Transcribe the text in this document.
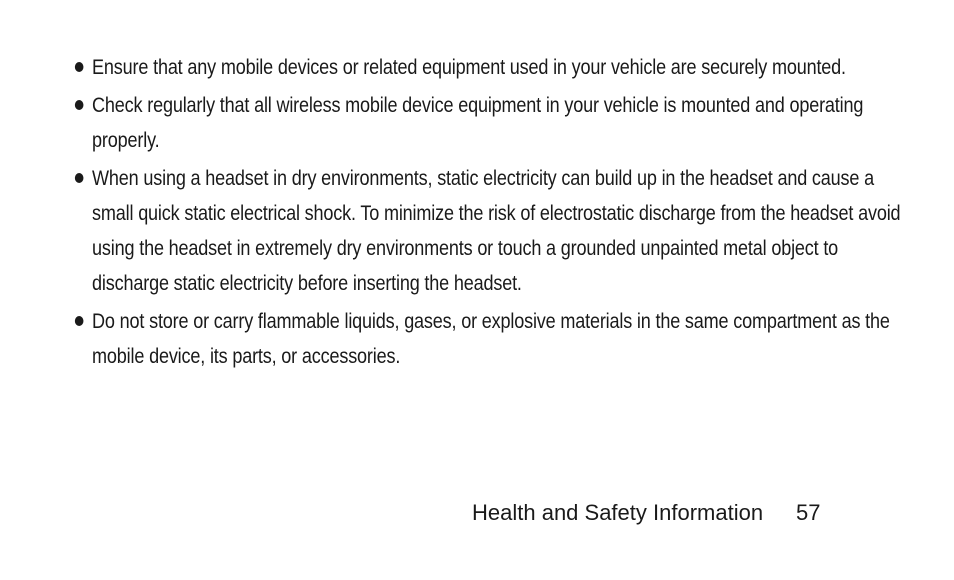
Ensure that any mobile devices or related equipment used in your vehicle are securely mounted.
Check regularly that all wireless mobile device equipment in your vehicle is mounted and operating properly.
When using a headset in dry environments, static electricity can build up in the headset and cause a small quick static electrical shock. To minimize the risk of electrostatic discharge from the headset avoid using the headset in extremely dry environments or touch a grounded unpainted metal object to discharge static electricity before inserting the headset.
Do not store or carry flammable liquids, gases, or explosive materials in the same compartment as the mobile device, its parts, or accessories.
Health and Safety Information 57
